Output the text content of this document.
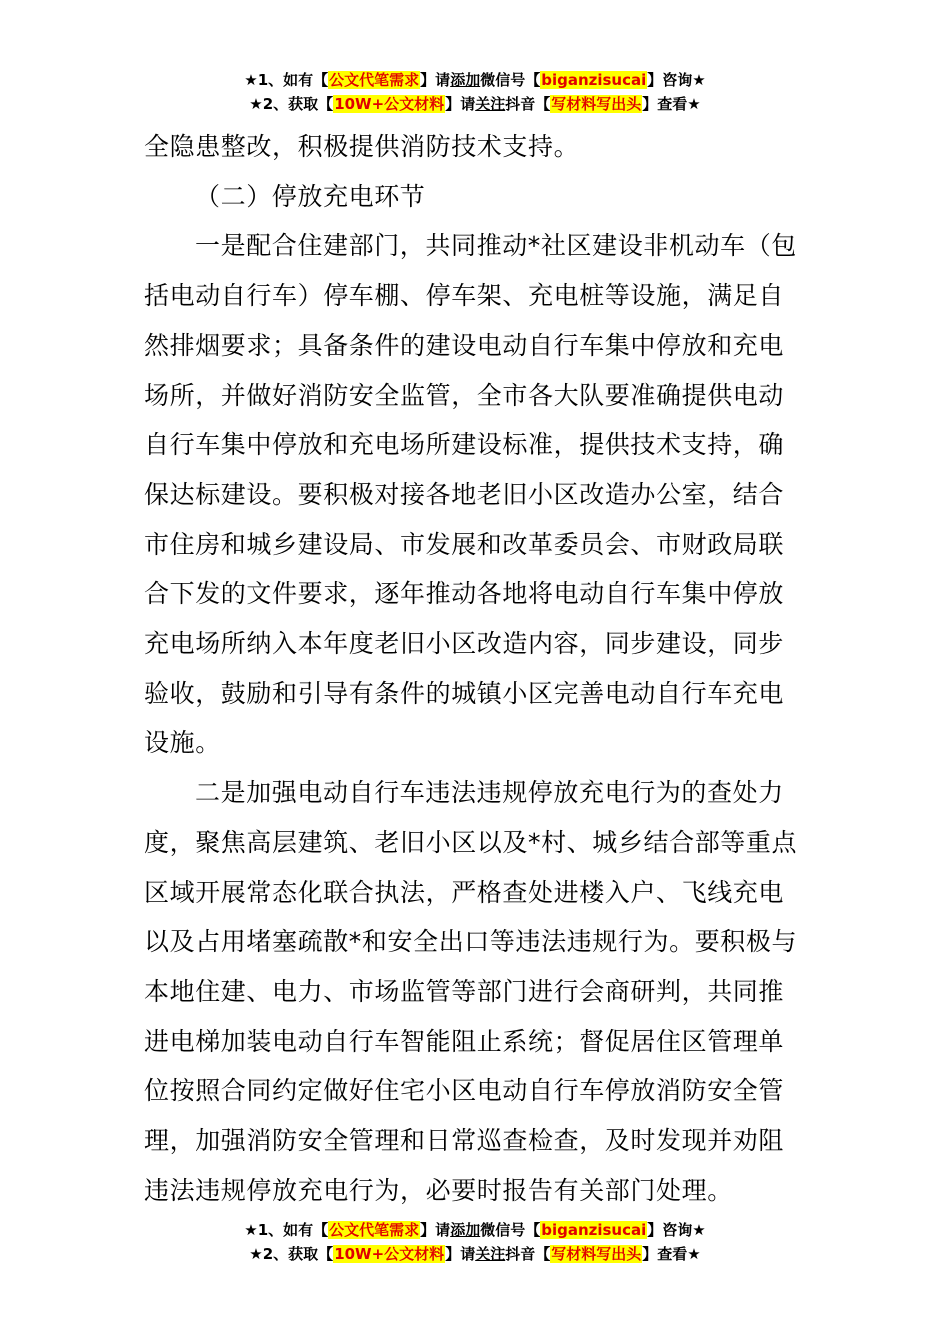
★1、如有【公文代笔需求】请添加微信号【biganzisucai】咨询★
★2、获取【10W+公文材料】请关注抖音【写材料写出头】查看★

全隐患整改，积极提供消防技术支持。

（二）停放充电环节

一是配合住建部门，共同推动*社区建设非机动车（包括电动自行车）停车棚、停车架、充电桩等设施，满足自然排烟要求；具备条件的建设电动自行车集中停放和充电场所，并做好消防安全监管，全市各大队要准确提供电动自行车集中停放和充电场所建设标准，提供技术支持，确保达标建设。要积极对接各地老旧小区改造办公室，结合市住房和城乡建设局、市发展和改革委员会、市财政局联合下发的文件要求，逐年推动各地将电动自行车集中停放充电场所纳入本年度老旧小区改造内容，同步建设，同步验收，鼓励和引导有条件的城镇小区完善电动自行车充电设施。

二是加强电动自行车违法违规停放充电行为的查处力度，聚焦高层建筑、老旧小区以及*村、城乡结合部等重点区域开展常态化联合执法，严格查处进楼入户、飞线充电以及占用堵塞疏散*和安全出口等违法违规行为。要积极与本地住建、电力、市场监管等部门进行会商研判，共同推进电梯加装电动自行车智能阻止系统；督促居住区管理单位按照合同约定做好住宅小区电动自行车停放消防安全管理，加强消防安全管理和日常巡查检查，及时发现并劝阻违法违规停放充电行为，必要时报告有关部门处理。

★1、如有【公文代笔需求】请添加微信号【biganzisucai】咨询★
★2、获取【10W+公文材料】请关注抖音【写材料写出头】查看★
